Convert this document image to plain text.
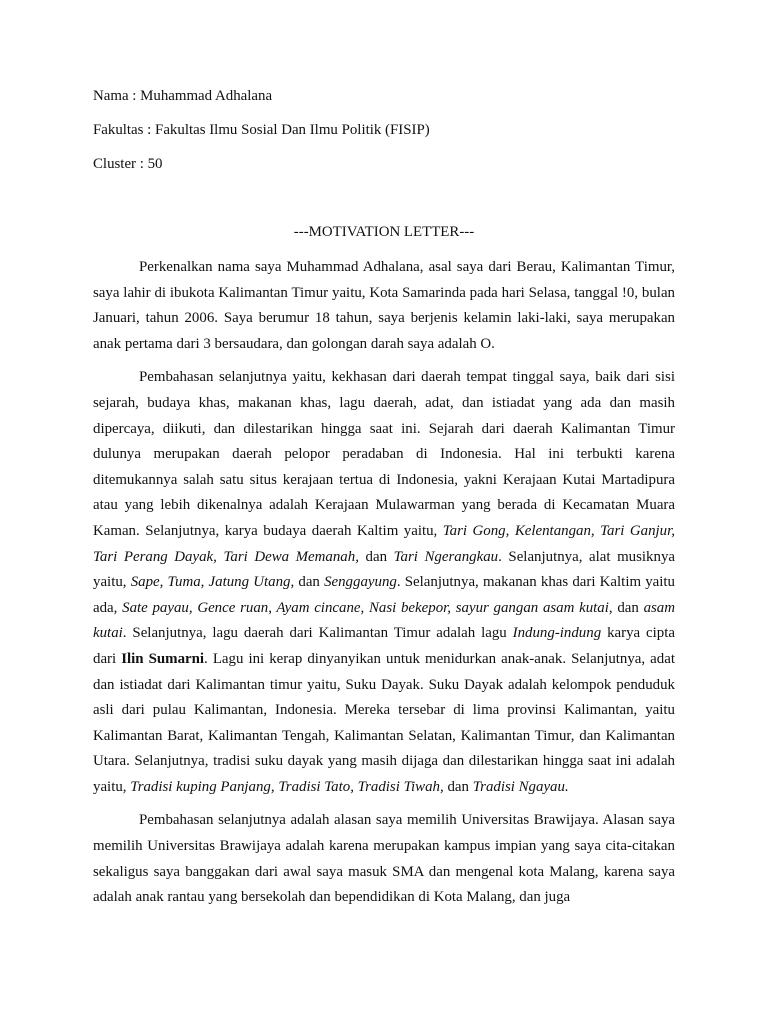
Nama : Muhammad Adhalana

Fakultas : Fakultas Ilmu Sosial Dan Ilmu Politik (FISIP)

Cluster : 50

---MOTIVATION LETTER---

Perkenalkan nama saya Muhammad Adhalana, asal saya dari Berau, Kalimantan Timur, saya lahir di ibukota Kalimantan Timur yaitu, Kota Samarinda pada hari Selasa, tanggal !0, bulan Januari, tahun 2006. Saya berumur 18 tahun, saya berjenis kelamin laki-laki, saya merupakan anak pertama dari 3 bersaudara, dan golongan darah saya adalah O.

Pembahasan selanjutnya yaitu, kekhasan dari daerah tempat tinggal saya, baik dari sisi sejarah, budaya khas, makanan khas, lagu daerah, adat, dan istiadat yang ada dan masih dipercaya, diikuti, dan dilestarikan hingga saat ini. Sejarah dari daerah Kalimantan Timur dulunya merupakan daerah pelopor peradaban di Indonesia. Hal ini terbukti karena ditemukannya salah satu situs kerajaan tertua di Indonesia, yakni Kerajaan Kutai Martadipura atau yang lebih dikenalnya adalah Kerajaan Mulawarman yang berada di Kecamatan Muara Kaman. Selanjutnya, karya budaya daerah Kaltim yaitu, Tari Gong, Kelentangan, Tari Ganjur, Tari Perang Dayak, Tari Dewa Memanah, dan Tari Ngerangkau. Selanjutnya, alat musiknya yaitu, Sape, Tuma, Jatung Utang, dan Senggayung. Selanjutnya, makanan khas dari Kaltim yaitu ada, Sate payau, Gence ruan, Ayam cincane, Nasi bekepor, sayur gangan asam kutai, dan asam kutai. Selanjutnya, lagu daerah dari Kalimantan Timur adalah lagu Indung-indung karya cipta dari Ilin Sumarni. Lagu ini kerap dinyanyikan untuk menidurkan anak-anak. Selanjutnya, adat dan istiadat dari Kalimantan timur yaitu, Suku Dayak. Suku Dayak adalah kelompok penduduk asli dari pulau Kalimantan, Indonesia. Mereka tersebar di lima provinsi Kalimantan, yaitu Kalimantan Barat, Kalimantan Tengah, Kalimantan Selatan, Kalimantan Timur, dan Kalimantan Utara. Selanjutnya, tradisi suku dayak yang masih dijaga dan dilestarikan hingga saat ini adalah yaitu, Tradisi kuping Panjang, Tradisi Tato, Tradisi Tiwah, dan Tradisi Ngayau.

Pembahasan selanjutnya adalah alasan saya memilih Universitas Brawijaya. Alasan saya memilih Universitas Brawijaya adalah karena merupakan kampus impian yang saya cita-citakan sekaligus saya banggakan dari awal saya masuk SMA dan mengenal kota Malang, karena saya adalah anak rantau yang bersekolah dan bependidikan di Kota Malang, dan juga
